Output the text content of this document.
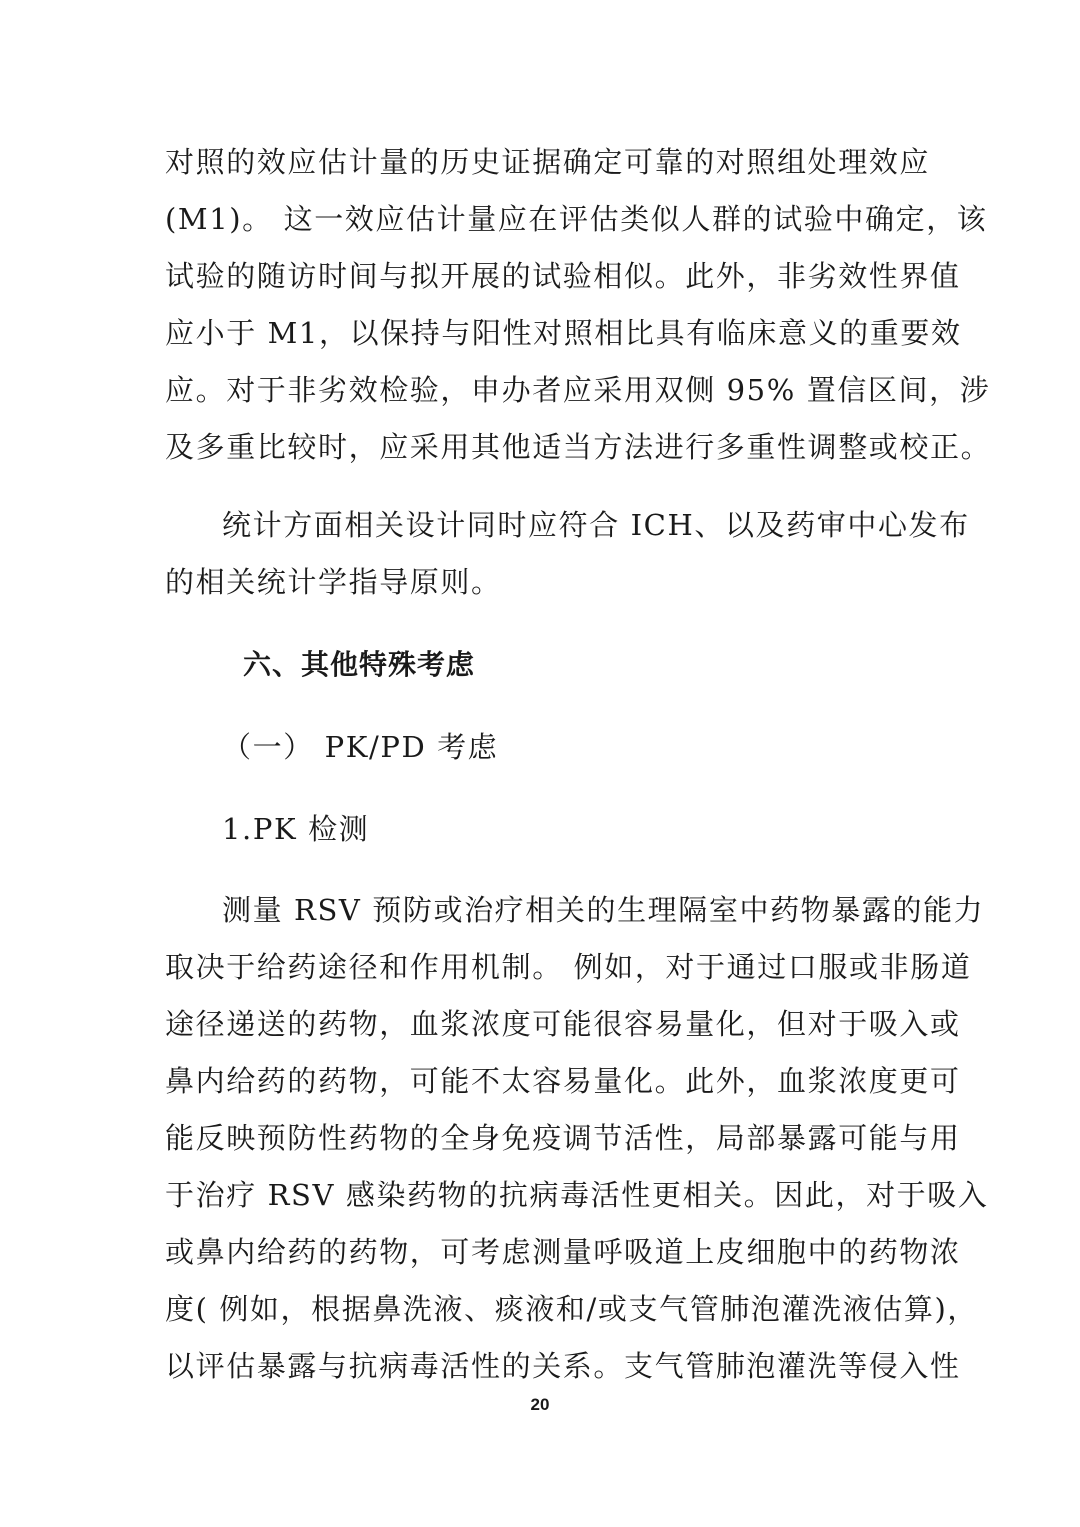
对照的效应估计量的历史证据确定可靠的对照组处理效应
(M1)。 这一效应估计量应在评估类似人群的试验中确定，该
试验的随访时间与拟开展的试验相似。此外，非劣效性界值
应小于 M1，以保持与阳性对照相比具有临床意义的重要效
应。对于非劣效检验，申办者应采用双侧 95% 置信区间，涉
及多重比较时，应采用其他适当方法进行多重性调整或校正。
统计方面相关设计同时应符合 ICH、以及药审中心发布
的相关统计学指导原则。
六、其他特殊考虑
（一） PK/PD 考虑
1.PK 检测
测量 RSV 预防或治疗相关的生理隔室中药物暴露的能力
取决于给药途径和作用机制。 例如，对于通过口服或非肠道
途径递送的药物，血浆浓度可能很容易量化，但对于吸入或
鼻内给药的药物，可能不太容易量化。此外，血浆浓度更可
能反映预防性药物的全身免疫调节活性，局部暴露可能与用
于治疗 RSV 感染药物的抗病毒活性更相关。因此，对于吸入
或鼻内给药的药物，可考虑测量呼吸道上皮细胞中的药物浓
度( 例如，根据鼻洗液、痰液和/或支气管肺泡灌洗液估算)，
以评估暴露与抗病毒活性的关系。支气管肺泡灌洗等侵入性
20
